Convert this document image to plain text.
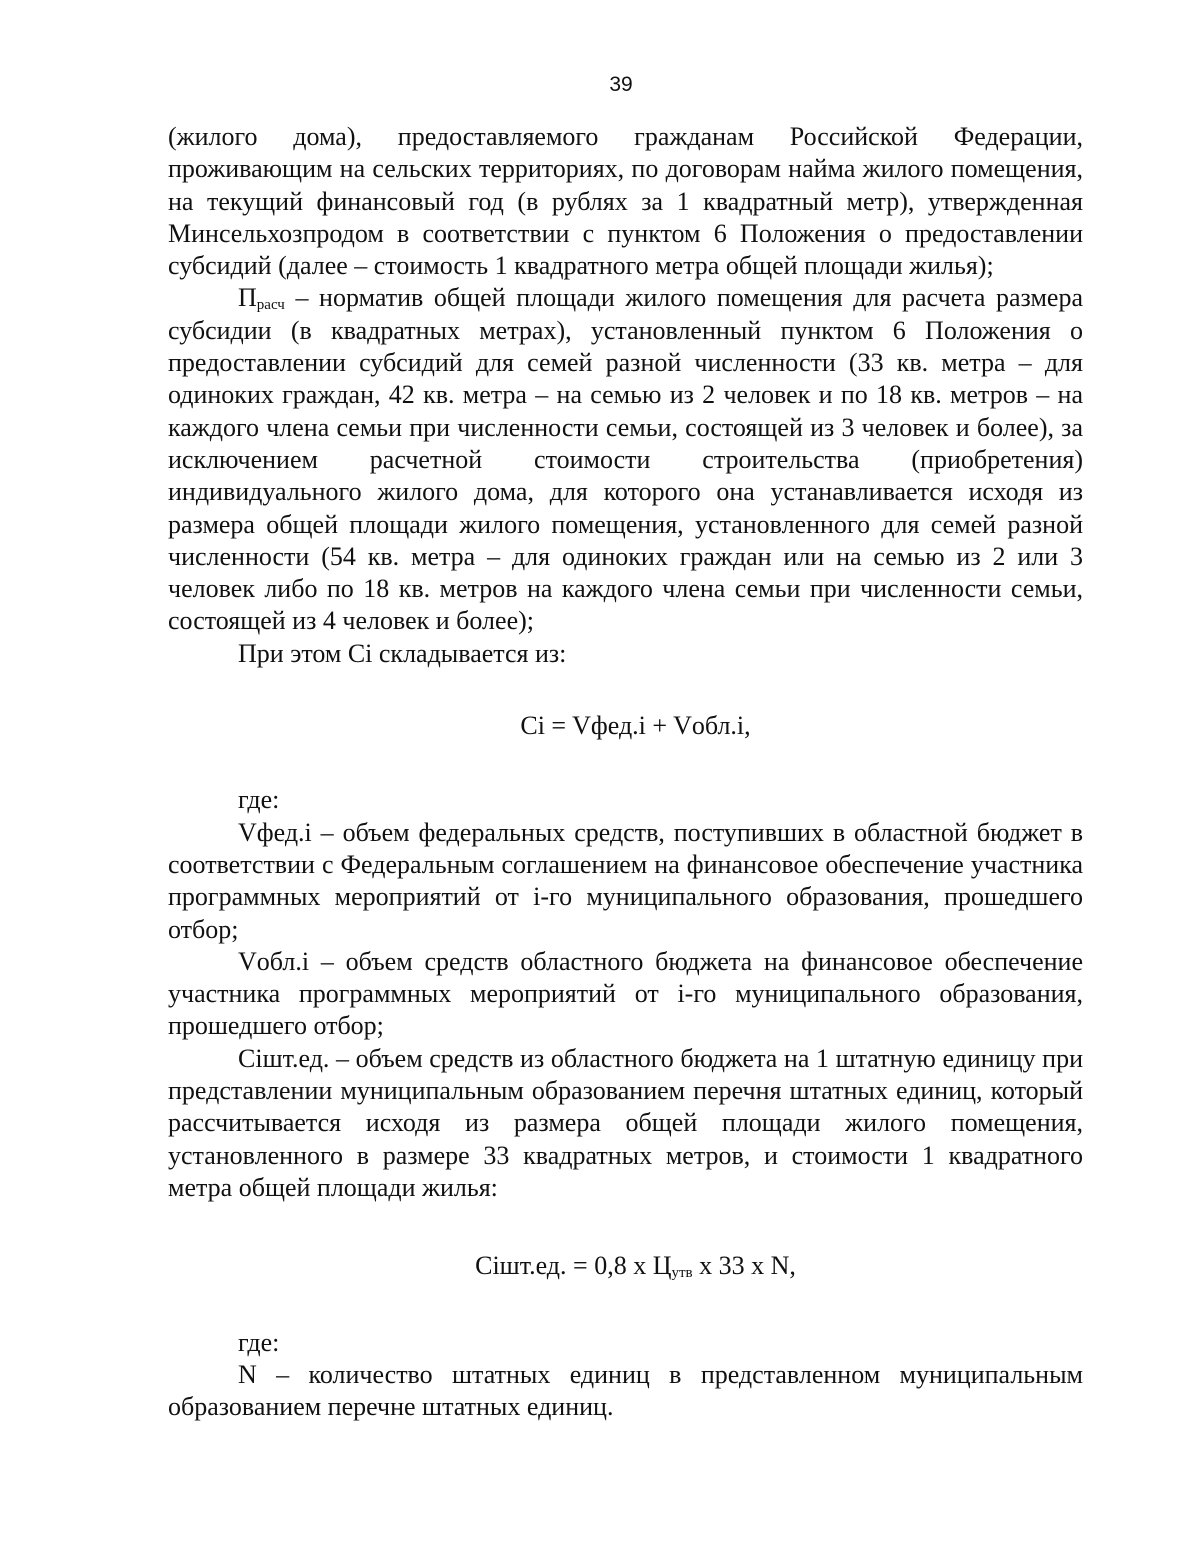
39

(жилого дома), предоставляемого гражданам Российской Федерации, проживающим на сельских территориях, по договорам найма жилого помещения, на текущий финансовый год (в рублях за 1 квадратный метр), утвержденная Минсельхозпродом в соответствии с пунктом 6 Положения о предоставлении субсидий (далее – стоимость 1 квадратного метра общей площади жилья);

$П_{расч}$ – норматив общей площади жилого помещения для расчета размера субсидии (в квадратных метрах), установленный пунктом 6 Положения о предоставлении субсидий для семей разной численности (33 кв. метра – для одиноких граждан, 42 кв. метра – на семью из 2 человек и по 18 кв. метров – на каждого члена семьи при численности семьи, состоящей из 3 человек и более), за исключением расчетной стоимости строительства (приобретения) индивидуального жилого дома, для которого она устанавливается исходя из размера общей площади жилого помещения, установленного для семей разной численности (54 кв. метра – для одиноких граждан или на семью из 2 или 3 человек либо по 18 кв. метров на каждого члена семьи при численности семьи, состоящей из 4 человек и более);

При этом Ci складывается из:

Ci = Vфед.i + Vобл.i,

где:

Vфед.i – объем федеральных средств, поступивших в областной бюджет в соответствии с Федеральным соглашением на финансовое обеспечение участника программных мероприятий от i-го муниципального образования, прошедшего отбор;

Vобл.i – объем средств областного бюджета на финансовое обеспечение участника программных мероприятий от i-го муниципального образования, прошедшего отбор;

Ciшт.ед. – объем средств из областного бюджета на 1 штатную единицу при представлении муниципальным образованием перечня штатных единиц, который рассчитывается исходя из размера общей площади жилого помещения, установленного в размере 33 квадратных метров, и стоимости 1 квадратного метра общей площади жилья:

Ciшт.ед. = 0,8 x $Ц_{утв}$ x 33 x N,

где:

N – количество штатных единиц в представленном муниципальным образованием перечне штатных единиц.
